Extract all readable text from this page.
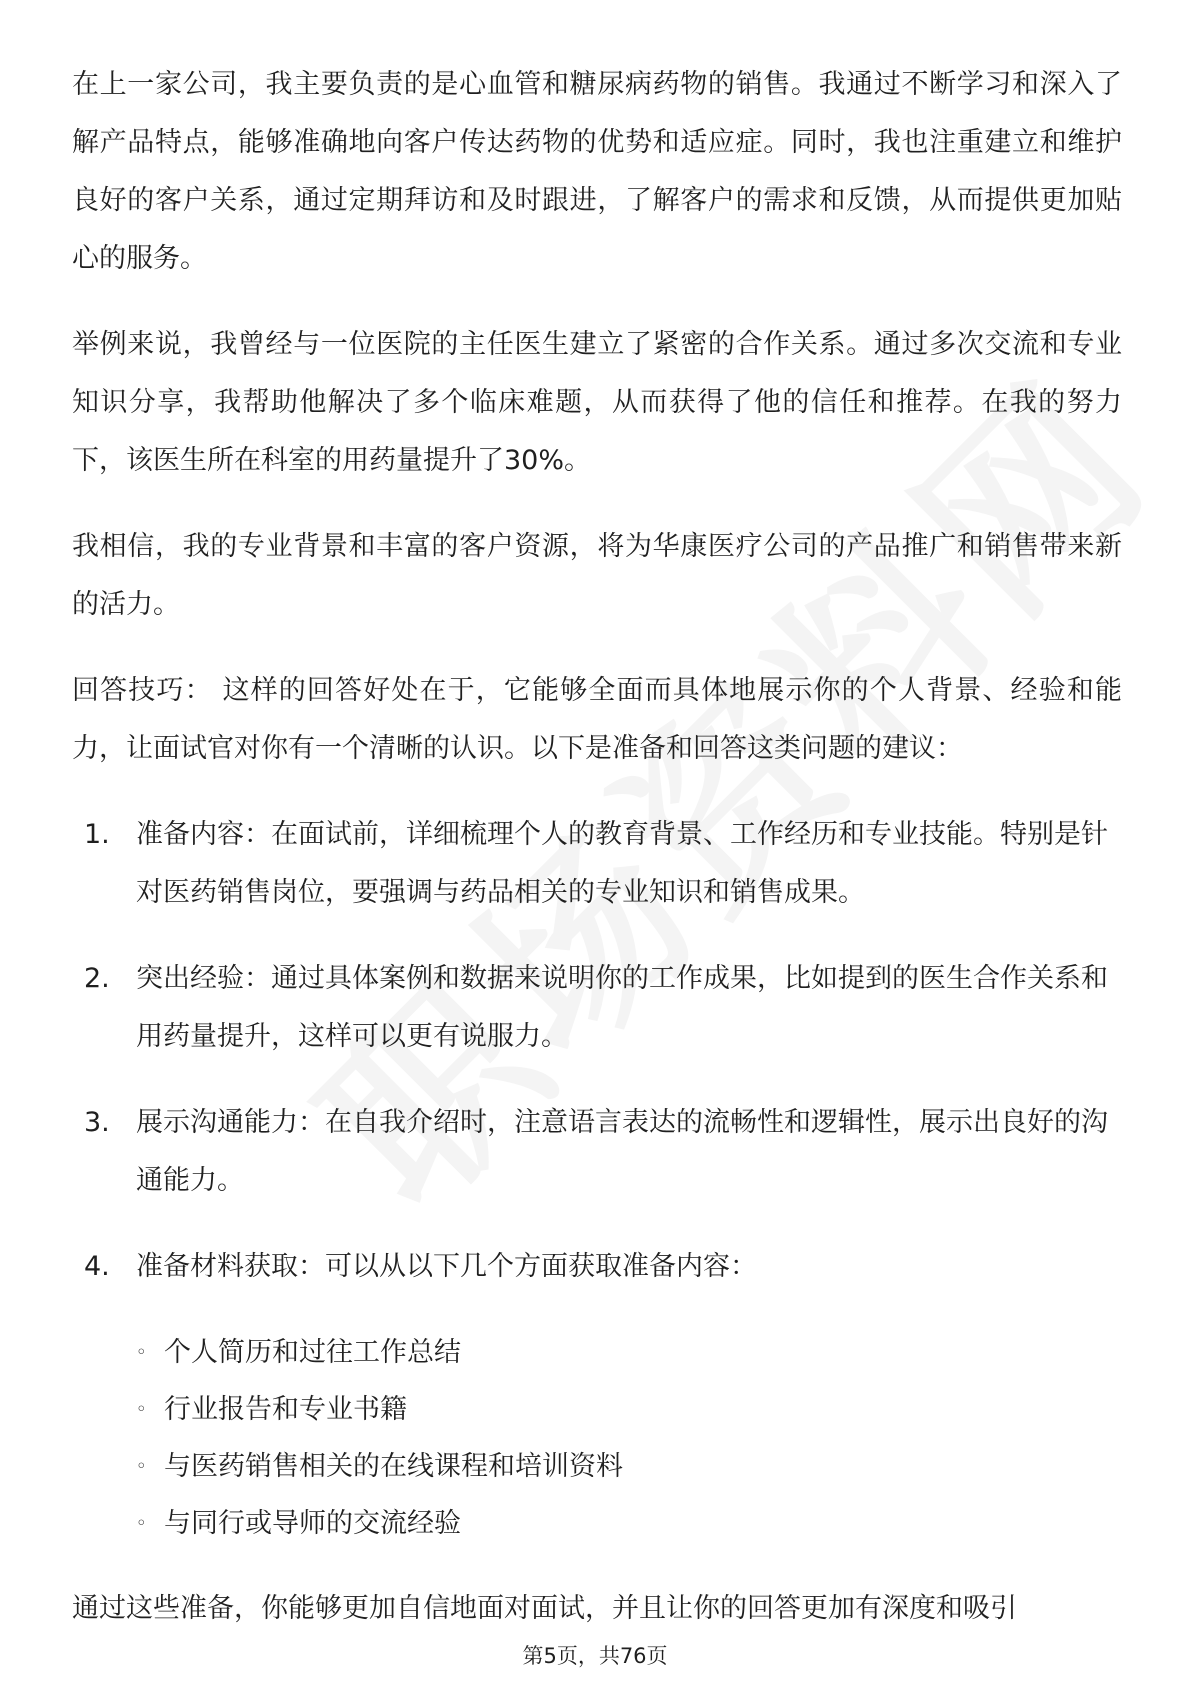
在上一家公司，我主要负责的是心血管和糖尿病药物的销售。我通过不断学习和深入了解产品特点，能够准确地向客户传达药物的优势和适应症。同时，我也注重建立和维护良好的客户关系，通过定期拜访和及时跟进，了解客户的需求和反馈，从而提供更加贴心的服务。

举例来说，我曾经与一位医院的主任医生建立了紧密的合作关系。通过多次交流和专业知识分享，我帮助他解决了多个临床难题，从而获得了他的信任和推荐。在我的努力下，该医生所在科室的用药量提升了30%。

我相信，我的专业背景和丰富的客户资源，将为华康医疗公司的产品推广和销售带来新的活力。

回答技巧： 这样的回答好处在于，它能够全面而具体地展示你的个人背景、经验和能力，让面试官对你有一个清晰的认识。以下是准备和回答这类问题的建议：

1. 准备内容：在面试前，详细梳理个人的教育背景、工作经历和专业技能。特别是针对医药销售岗位，要强调与药品相关的专业知识和销售成果。
2. 突出经验：通过具体案例和数据来说明你的工作成果，比如提到的医生合作关系和用药量提升，这样可以更有说服力。
3. 展示沟通能力：在自我介绍时，注意语言表达的流畅性和逻辑性，展示出良好的沟通能力。
4. 准备材料获取：可以从以下几个方面获取准备内容：
◦ 个人简历和过往工作总结
◦ 行业报告和专业书籍
◦ 与医药销售相关的在线课程和培训资料
◦ 与同行或导师的交流经验

通过这些准备，你能够更加自信地面对面试，并且让你的回答更加有深度和吸引

第5页，共76页
